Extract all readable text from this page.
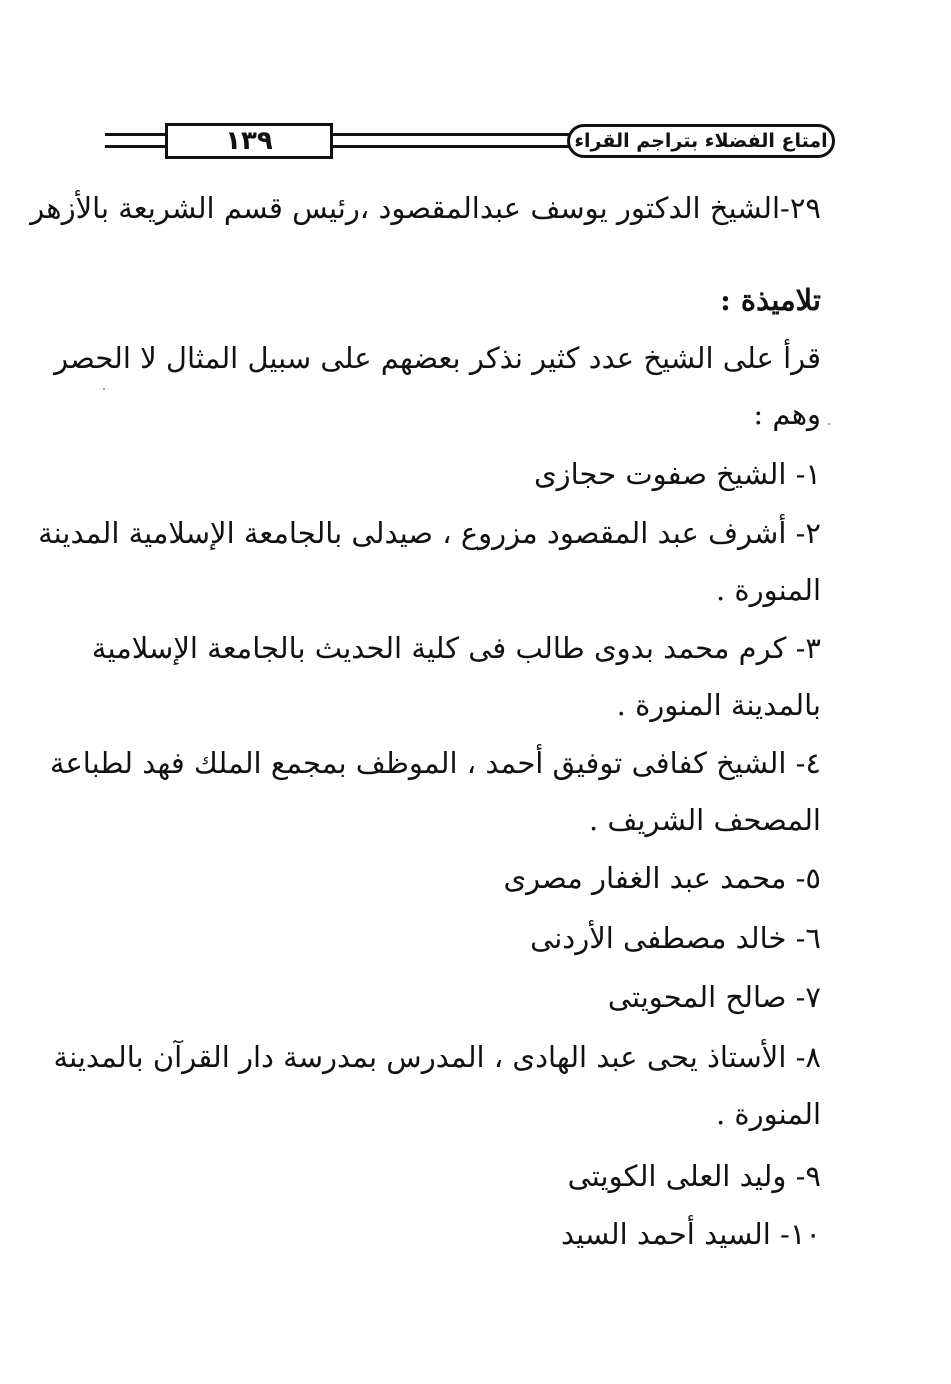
١٣٩	امتاع الفضلاء بتراجم القراء
٢٩-الشيخ الدكتور يوسف عبدالمقصود ،رئيس قسم الشريعة بالأزهر
تلاميذة :
قرأ على الشيخ عدد كثير نذكر بعضهم على سبيل المثال لا الحصر
وهم :
١- الشيخ صفوت حجازى
٢- أشرف عبد المقصود مزروع ، صيدلى بالجامعة الإسلامية المدينة
المنورة .
٣- كرم محمد بدوى طالب فى كلية الحديث بالجامعة الإسلامية
بالمدينة المنورة .
٤- الشيخ كفافى توفيق أحمد ، الموظف بمجمع الملك فهد لطباعة
المصحف الشريف .
٥- محمد عبد الغفار مصرى
٦- خالد مصطفى الأردنى
٧- صالح المحويتى
٨- الأستاذ يحى عبد الهادى ، المدرس بمدرسة دار القرآن بالمدينة
المنورة .
٩- وليد العلى الكويتى
١٠- السيد أحمد السيد
